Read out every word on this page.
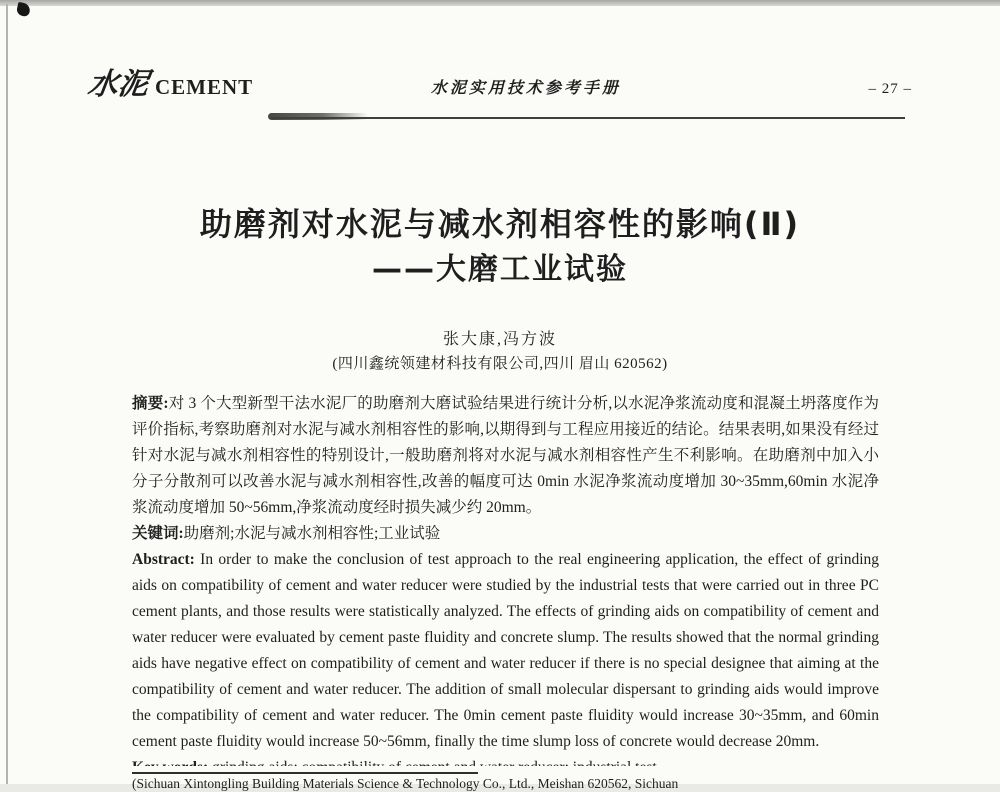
水泥 CEMENT	水泥实用技术参考手册	– 27 –
助磨剂对水泥与减水剂相容性的影响(Ⅱ)
——大磨工业试验
张大康,冯方波
(四川鑫统领建材科技有限公司,四川 眉山 620562)

摘要:对 3 个大型新型干法水泥厂的助磨剂大磨试验结果进行统计分析,以水泥净浆流动度和混凝土坍落度作为评价指标,考察助磨剂对水泥与减水剂相容性的影响,以期得到与工程应用接近的结论。结果表明,如果没有经过针对水泥与减水剂相容性的特别设计,一般助磨剂将对水泥与减水剂相容性产生不利影响。在助磨剂中加入小分子分散剂可以改善水泥与减水剂相容性,改善的幅度可达 0min 水泥净浆流动度增加 30~35mm,60min 水泥净浆流动度增加 50~56mm,净浆流动度经时损失减少约 20mm。

关键词:助磨剂;水泥与减水剂相容性;工业试验

Abstract: In order to make the conclusion of test approach to the real engineering application, the effect of grinding aids on compatibility of cement and water reducer were studied by the industrial tests that were carried out in three PC cement plants, and those results were statistically analyzed. The effects of grinding aids on compatibility of cement and water reducer were evaluated by cement paste fluidity and concrete slump. The results showed that the normal grinding aids have negative effect on compatibility of cement and water reducer if there is no special designee that aiming at the compatibility of cement and water reducer. The addition of small molecular dispersant to grinding aids would improve the compatibility of cement and water reducer. The 0min cement paste fluidity would increase 30~35mm, and 60min cement paste fluidity would increase 50~56mm, finally the time slump loss of concrete would decrease 20mm.

(Sichuan Xintongling Building Materials Science & Technology Co., Ltd., Meishan 620562, Sichuan
